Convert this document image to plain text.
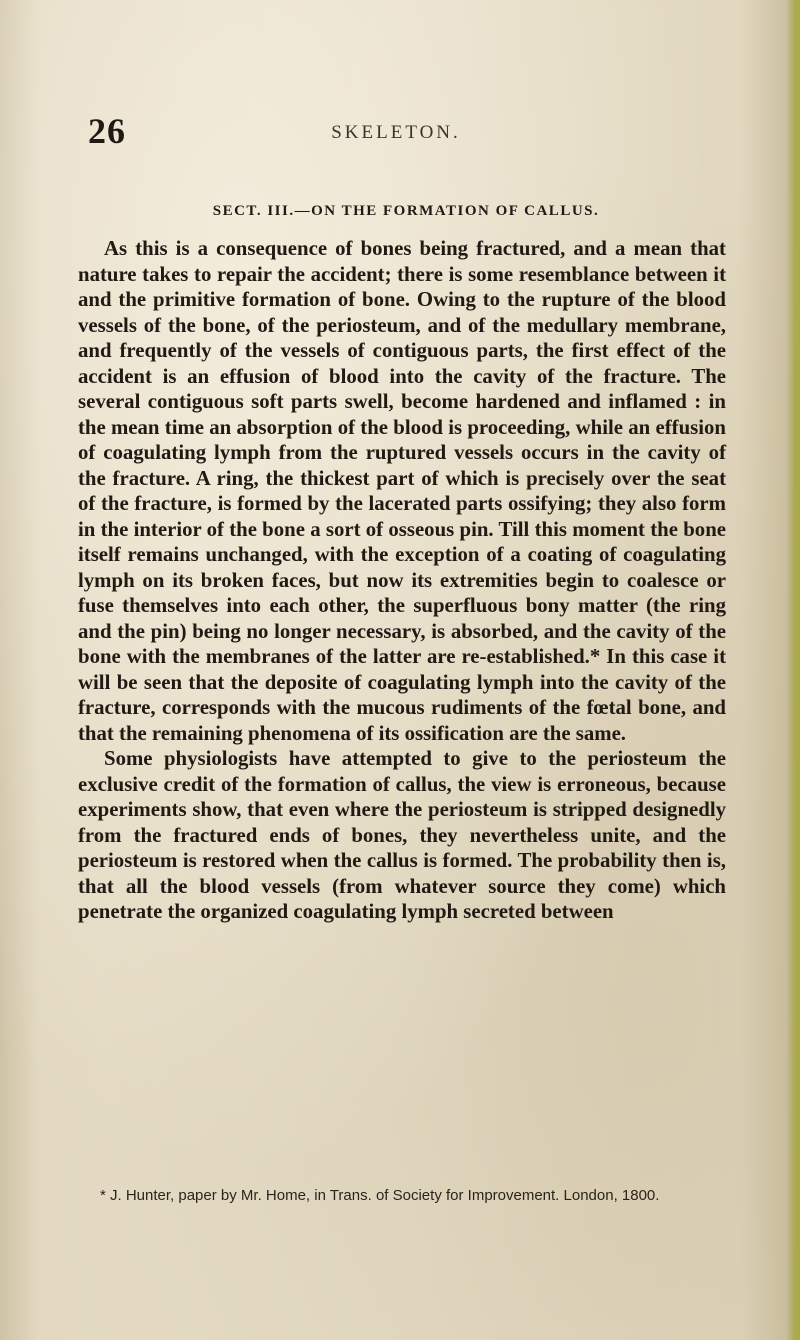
26	SKELETON.
SECT. III.—ON THE FORMATION OF CALLUS.

As this is a consequence of bones being fractured, and a mean that nature takes to repair the accident; there is some resemblance between it and the primitive formation of bone. Owing to the rupture of the blood vessels of the bone, of the periosteum, and of the medullary membrane, and frequently of the vessels of contiguous parts, the first effect of the accident is an effusion of blood into the cavity of the fracture. The several contiguous soft parts swell, become hardened and inflamed : in the mean time an absorption of the blood is proceeding, while an effusion of coagulating lymph from the ruptured vessels occurs in the cavity of the fracture. A ring, the thickest part of which is precisely over the seat of the fracture, is formed by the lacerated parts ossifying; they also form in the interior of the bone a sort of osseous pin. Till this moment the bone itself remains unchanged, with the exception of a coating of coagulating lymph on its broken faces, but now its extremities begin to coalesce or fuse themselves into each other, the superfluous bony matter (the ring and the pin) being no longer necessary, is absorbed, and the cavity of the bone with the membranes of the latter are re-established.* In this case it will be seen that the deposite of coagulating lymph into the cavity of the fracture, corresponds with the mucous rudiments of the fœtal bone, and that the remaining phenomena of its ossification are the same.

Some physiologists have attempted to give to the periosteum the exclusive credit of the formation of callus, the view is erroneous, because experiments show, that even where the periosteum is stripped designedly from the fractured ends of bones, they nevertheless unite, and the periosteum is restored when the callus is formed. The probability then is, that all the blood vessels (from whatever source they come) which penetrate the organized coagulating lymph secreted between

* J. Hunter, paper by Mr. Home, in Trans. of Society for Improvement. London, 1800.
